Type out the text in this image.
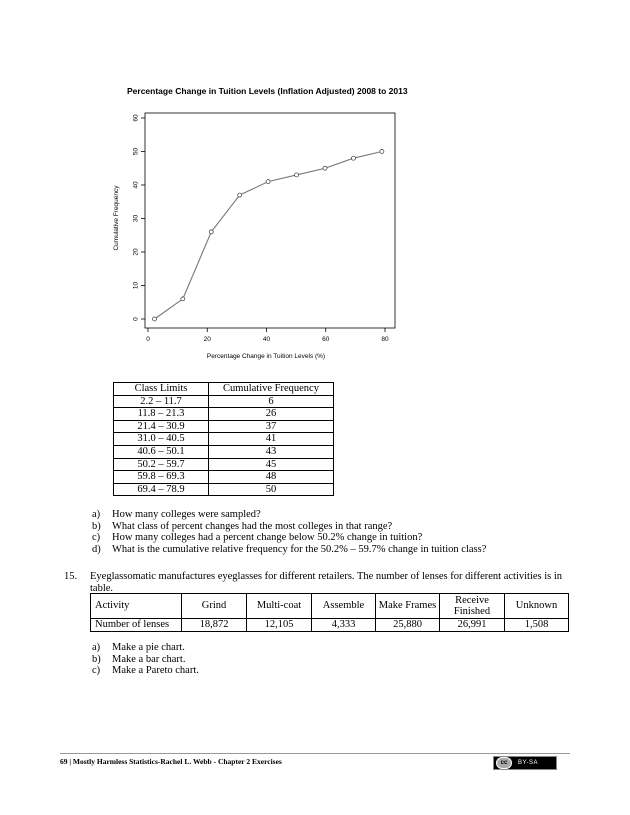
Percentage Change in Tuition Levels (Inflation Adjusted) 2008 to 2013
0	20	40	60	80
0
10
20
30
40
50
60
Percentage Change in Tuition Levels (%)
Cumulative Frequency
Class Limits	Cumulative Frequency
2.2 – 11.7	6
11.8 – 21.3	26
21.4 – 30.9	37
31.0 – 40.5	41
40.6 – 50.1	43
50.2 – 59.7	45
59.8 – 69.3	48
69.4 – 78.9	50
a) How many colleges were sampled?
b) What class of percent changes had the most colleges in that range?
c) How many colleges had a percent change below 50.2% change in tuition?
d) What is the cumulative relative frequency for the 50.2% – 59.7% change in tuition class?
15. Eyeglassomatic manufactures eyeglasses for different retailers. The number of lenses for different activities is in
table.
Activity	Grind	Multi-coat	Assemble	Make Frames	Receive Finished	Unknown
Number of lenses	18,872	12,105	4,333	25,880	26,991	1,508
a) Make a pie chart.
b) Make a bar chart.
c) Make a Pareto chart.
69 | Mostly Harmless Statistics-Rachel L. Webb - Chapter 2 Exercises	cc	BY-SA
